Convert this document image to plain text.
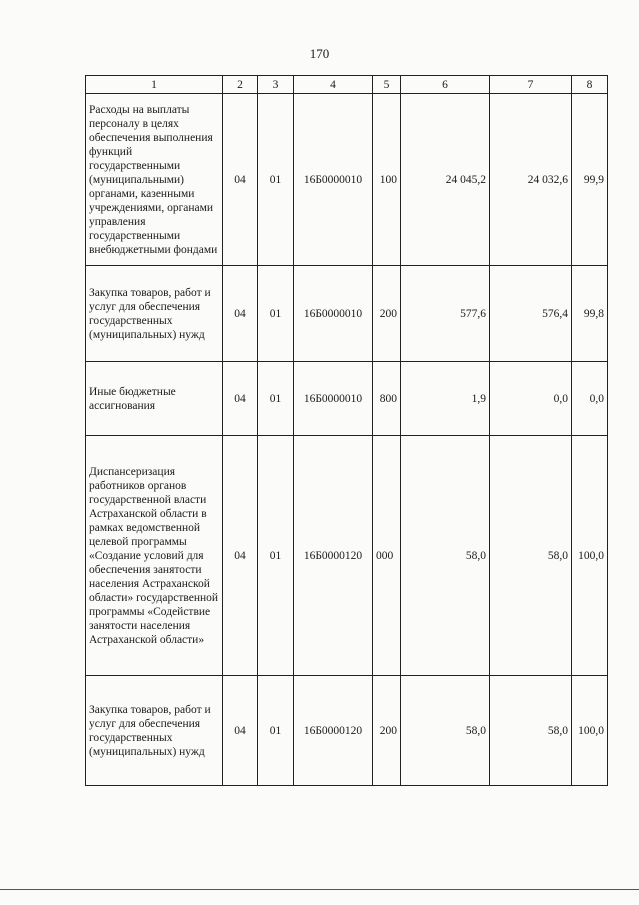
170
1	2	3	4	5	6	7	8
Расходы на выплаты персоналу в целях обеспечения выполнения функций государственными (муниципальными) органами, казенными учреждениями, органами управления государственными внебюджетными фондами	04	01	16Б0000010	100	24 045,2	24 032,6	99,9
Закупка товаров, работ и услуг для обеспечения государственных (муниципальных) нужд	04	01	16Б0000010	200	577,6	576,4	99,8
Иные бюджетные ассигнования	04	01	16Б0000010	800	1,9	0,0	0,0
Диспансеризация работников органов государственной власти Астраханской области в рамках ведомственной целевой программы «Создание условий для обеспечения занятости населения Астраханской области» государственной программы «Содействие занятости населения Астраханской области»	04	01	16Б0000120	000	58,0	58,0	100,0
Закупка товаров, работ и услуг для обеспечения государственных (муниципальных) нужд	04	01	16Б0000120	200	58,0	58,0	100,0
